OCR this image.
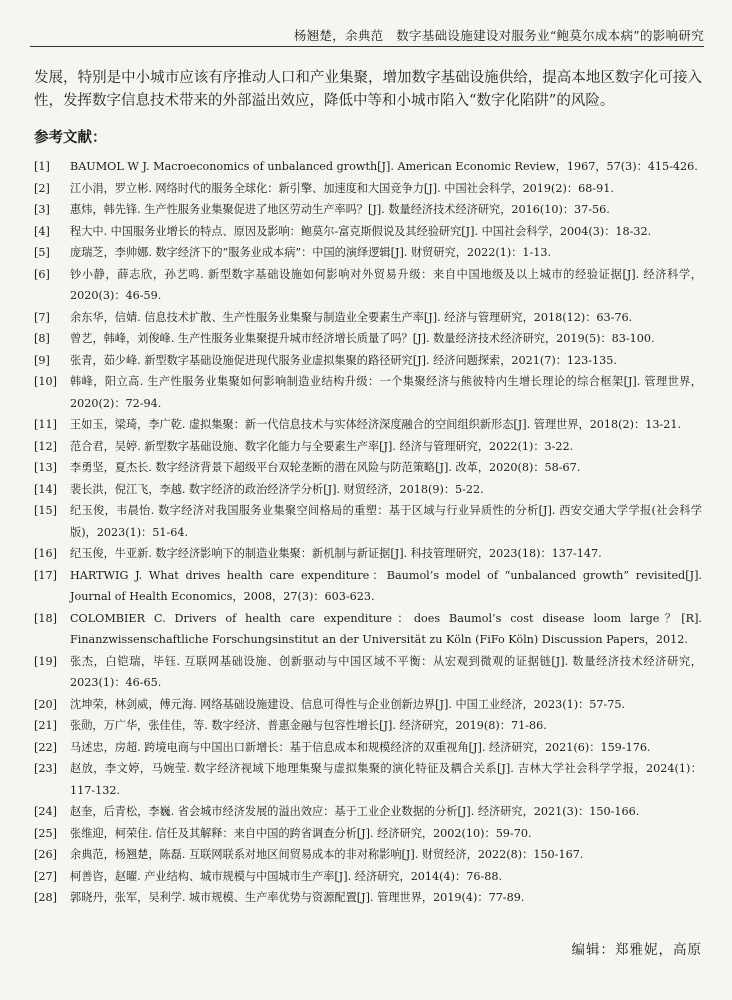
杨翘楚，余典范　数字基础设施建设对服务业“鲍莫尔成本病”的影响研究

发展，特别是中小城市应该有序推动人口和产业集聚，增加数字基础设施供给，提高本地区数字化可接入性，发挥数字信息技术带来的外部溢出效应，降低中等和小城市陷入“数字化陷阱”的风险。

参考文献：
[1]	BAUMOL W J. Macroeconomics of unbalanced growth[J]. American Economic Review，1967，57(3)：415-426.
[2]	江小涓，罗立彬. 网络时代的服务全球化：新引擎、加速度和大国竞争力[J]. 中国社会科学，2019(2)：68-91.
[3]	惠炜，韩先锋. 生产性服务业集聚促进了地区劳动生产率吗？[J]. 数量经济技术经济研究，2016(10)：37-56.
[4]	程大中. 中国服务业增长的特点、原因及影响：鲍莫尔-富克斯假说及其经验研究[J]. 中国社会科学，2004(3)：18-32.
[5]	庞瑞芝，李帅娜. 数字经济下的“服务业成本病”：中国的演绎逻辑[J]. 财贸研究，2022(1)：1-13.
[6]	钞小静，薛志欣，孙艺鸣. 新型数字基础设施如何影响对外贸易升级：来自中国地级及以上城市的经验证据[J]. 经济科学，2020(3)：46-59.
[7]	余东华，信婧. 信息技术扩散、生产性服务业集聚与制造业全要素生产率[J]. 经济与管理研究，2018(12)：63-76.
[8]	曾艺，韩峰，刘俊峰. 生产性服务业集聚提升城市经济增长质量了吗？[J]. 数量经济技术经济研究，2019(5)：83-100.
[9]	张青，茹少峰. 新型数字基础设施促进现代服务业虚拟集聚的路径研究[J]. 经济问题探索，2021(7)：123-135.
[10]	韩峰，阳立高. 生产性服务业集聚如何影响制造业结构升级：一个集聚经济与熊彼特内生增长理论的综合框架[J]. 管理世界，2020(2)：72-94.
[11]	王如玉，梁琦，李广乾. 虚拟集聚：新一代信息技术与实体经济深度融合的空间组织新形态[J]. 管理世界，2018(2)：13-21.
[12]	范合君，吴婷. 新型数字基础设施、数字化能力与全要素生产率[J]. 经济与管理研究，2022(1)：3-22.
[13]	李勇坚，夏杰长. 数字经济背景下超级平台双轮垄断的潜在风险与防范策略[J]. 改革，2020(8)：58-67.
[14]	裴长洪，倪江飞，李越. 数字经济的政治经济学分析[J]. 财贸经济，2018(9)：5-22.
[15]	纪玉俊，韦晨怡. 数字经济对我国服务业集聚空间格局的重塑：基于区域与行业异质性的分析[J]. 西安交通大学学报(社会科学版)，2023(1)：51-64.
[16]	纪玉俊，牛亚新. 数字经济影响下的制造业集聚：新机制与新证据[J]. 科技管理研究，2023(18)：137-147.
[17]	HARTWIG J. What drives health care expenditure：Baumol’s model of “unbalanced growth” revisited[J]. Journal of Health Economics，2008，27(3)：603-623.
[18]	COLOMBIER C. Drivers of health care expenditure：does Baumol’s cost disease loom large？[R]. Finanzwissenschaftliche Forschungsinstitut an der Universität zu Köln (FiFo Köln) Discussion Papers，2012.
[19]	张杰，白铠瑞，毕钰. 互联网基础设施、创新驱动与中国区域不平衡：从宏观到微观的证据链[J]. 数量经济技术经济研究，2023(1)：46-65.
[20]	沈坤荣，林剑威，傅元海. 网络基础设施建设、信息可得性与企业创新边界[J]. 中国工业经济，2023(1)：57-75.
[21]	张勋，万广华，张佳佳，等. 数字经济、普惠金融与包容性增长[J]. 经济研究，2019(8)：71-86.
[22]	马述忠，房超. 跨境电商与中国出口新增长：基于信息成本和规模经济的双重视角[J]. 经济研究，2021(6)：159-176.
[23]	赵放，李文婷，马婉莹. 数字经济视域下地理集聚与虚拟集聚的演化特征及耦合关系[J]. 吉林大学社会科学学报，2024(1)：117-132.
[24]	赵奎，后青松，李巍. 省会城市经济发展的溢出效应：基于工业企业数据的分析[J]. 经济研究，2021(3)：150-166.
[25]	张维迎，柯荣住. 信任及其解释：来自中国的跨省调查分析[J]. 经济研究，2002(10)：59-70.
[26]	余典范，杨翘楚，陈磊. 互联网联系对地区间贸易成本的非对称影响[J]. 财贸经济，2022(8)：150-167.
[27]	柯善咨，赵曜. 产业结构、城市规模与中国城市生产率[J]. 经济研究，2014(4)：76-88.
[28]	郭晓丹，张军，吴利学. 城市规模、生产率优势与资源配置[J]. 管理世界，2019(4)：77-89.
编辑：郑雅妮，高原
